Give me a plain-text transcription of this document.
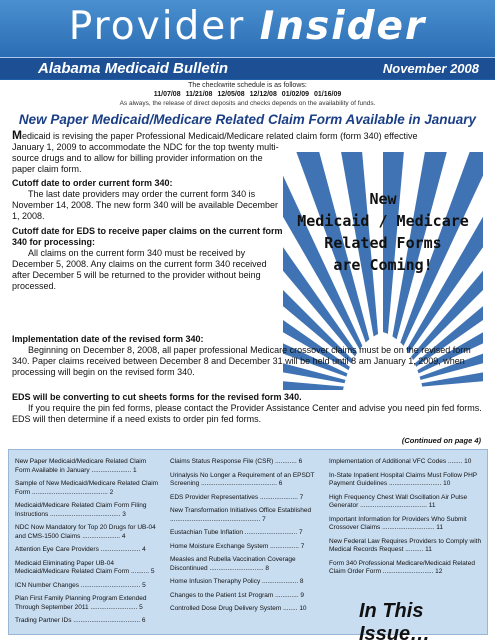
Provider Insider
Alabama Medicaid Bulletin	November 2008
The checkwrite schedule is as follows:
11/07/08 11/21/08 12/05/08 12/12/08 01/02/09 01/16/09
As always, the release of direct deposits and checks depends on the availability of funds.
New Paper Medicaid/Medicare Related Claim Form Available in January
Medicaid is revising the paper Professional Medicaid/Medicare related claim form (form 340) effective
January 1, 2009 to accommodate the NDC for the top twenty multi-source drugs and to allow for billing provider information on the paper claim form.
Cutoff date to order current form 340:
The last date providers may order the current form 340 is November 14, 2008. The new form 340 will be available December 1, 2008.
Cutoff date for EDS to receive paper claims on the current form 340 for processing:
All claims on the current form 340 must be received by December 5, 2008. Any claims on the current form 340 received after December 5 will be returned to the provider without being processed.
New
Medicaid / Medicare
Related Forms
are Coming!
Implementation date of the revised form 340:
Beginning on December 8, 2008, all paper professional Medicare crossover claims must be on the revised form 340. Paper claims received between December 8 and December 31 will be held until 8 am January 1, 2009, when processing will begin on the revised form 340.
EDS will be converting to cut sheets forms for the revised form 340.
If you require the pin fed forms, please contact the Provider Assistance Center and advise you need pin fed forms. EDS will then determine if a need exists to order pin fed forms.
(Continued on page 4)
New Paper Medicaid/Medicare Related Claim Form Available in January ...................... 1
Sample of New Medicaid/Medicare Related Claim Form .......................................... 2
Medicaid/Medicare Related Claim Form Filing Instructions ....................................... 3
NDC Now Mandatory for Top 20 Drugs for UB-04 and CMS-1500 Claims ..................... 4
Attention Eye Care Providers ...................... 4
Medicaid Eliminating Paper UB-04 Medicaid/Medicare Related Claim Form .......... 5
ICN Number Changes ................................. 5
Plan First Family Planning Program Extended Through September 2011 .......................... 5
Trading Partner IDs ..................................... 6
Claims Status Response File (CSR) ............ 6
Urinalysis No Longer a Requirement of an EPSDT Screening .......................................... 6
EDS Provider Representatives ..................... 7
New Transformation Initiatives Office Established .................................................. 7
Eustachian Tube Inflation ............................. 7
Home Moisture Exchange System ................ 7
Measles and Rubella Vaccination Coverage Discontinued .............................. 8
Home Infusion Theraphy Policy .................... 8
Changes to the Patient 1st Program ............. 9
Controlled Dose Drug Delivery System ........ 10
Implementation of Additional VFC Codes ........ 10
In-State Inpatient Hospital Claims Must Follow PHP Payment Guidelines ............................. 10
High Frequency Chest Wall Oscillation Air Pulse Generator ..................................... 11
Important Information for Providers Who Submit Crossover Claims ............................. 11
New Federal Law Requires Providers to Comply with Medical Records Request .......... 11
Form 340 Professional Medicare/Medicaid Related Claim Order Form ............................ 12
In This Issue…
